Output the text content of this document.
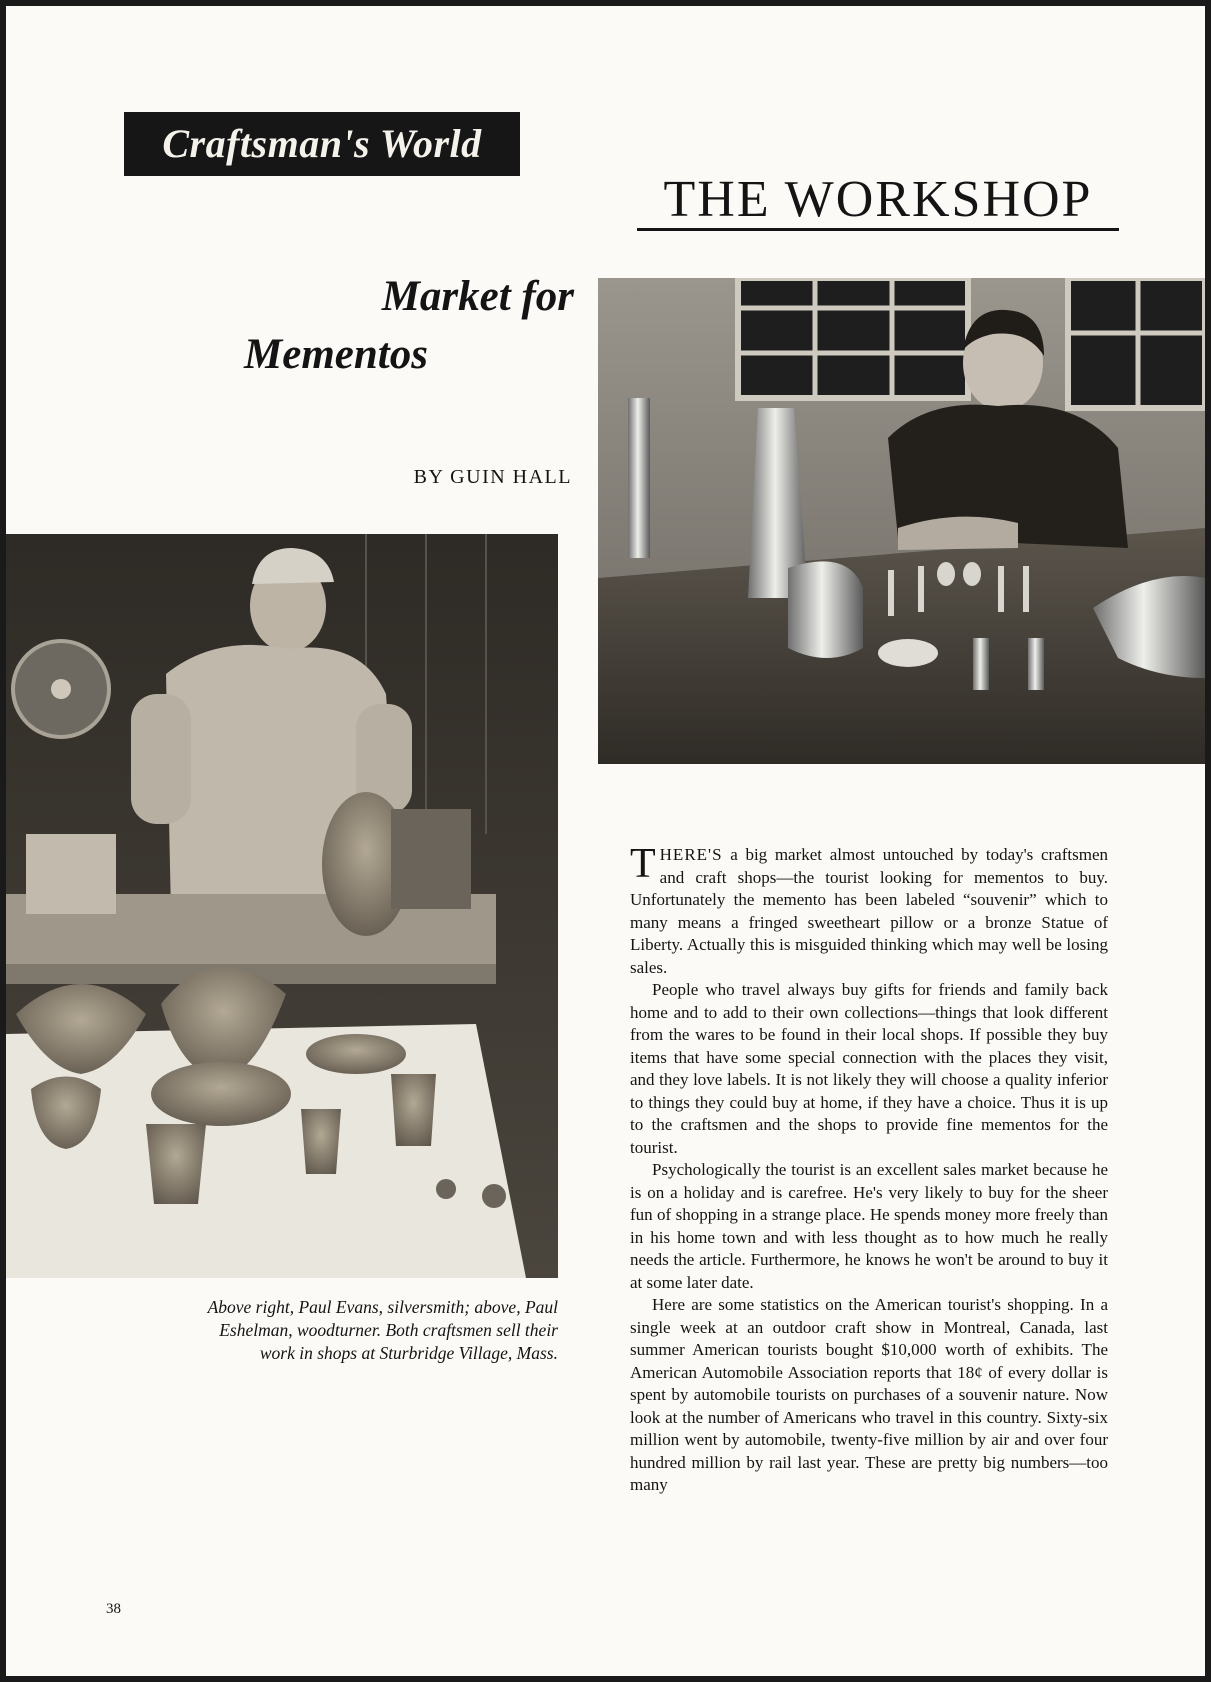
Craftsman's World
THE WORKSHOP
Market for
Mementos
BY GUIN HALL
Above right, Paul Evans, silversmith; above, Paul Eshelman, woodturner. Both craftsmen sell their work in shops at Sturbridge Village, Mass.

THERE'S a big market almost untouched by today's craftsmen and craft shops—the tourist looking for mementos to buy. Unfortunately the memento has been labeled “souvenir” which to many means a fringed sweetheart pillow or a bronze Statue of Liberty. Actually this is misguided thinking which may well be losing sales.

People who travel always buy gifts for friends and family back home and to add to their own collections—things that look different from the wares to be found in their local shops. If possible they buy items that have some special connection with the places they visit, and they love labels. It is not likely they will choose a quality inferior to things they could buy at home, if they have a choice. Thus it is up to the craftsmen and the shops to provide fine mementos for the tourist.

Psychologically the tourist is an excellent sales market because he is on a holiday and is carefree. He's very likely to buy for the sheer fun of shopping in a strange place. He spends money more freely than in his home town and with less thought as to how much he really needs the article. Furthermore, he knows he won't be around to buy it at some later date.

Here are some statistics on the American tourist's shopping. In a single week at an outdoor craft show in Montreal, Canada, last summer American tourists bought $10,000 worth of exhibits. The American Automobile Association reports that 18¢ of every dollar is spent by automobile tourists on purchases of a souvenir nature. Now look at the number of Americans who travel in this country. Sixty-six million went by automobile, twenty-five million by air and over four hundred million by rail last year. These are pretty big numbers—too many

38
